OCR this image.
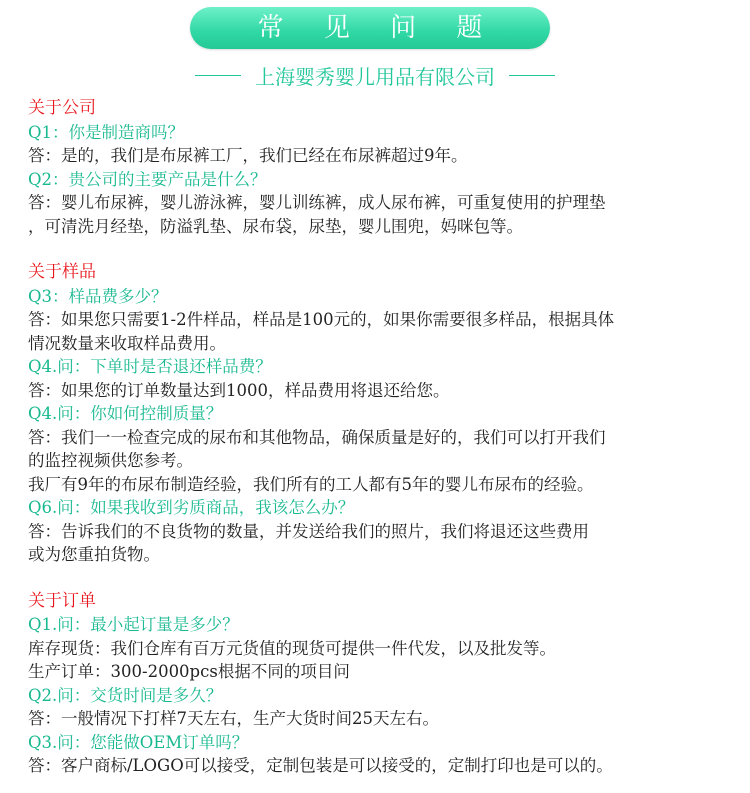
常 见 问 题
上海婴秀婴儿用品有限公司
关于公司
Q1：你是制造商吗？
答：是的，我们是布尿裤工厂，我们已经在布尿裤超过9年。
Q2：贵公司的主要产品是什么？
答：婴儿布尿裤，婴儿游泳裤，婴儿训练裤，成人尿布裤，可重复使用的护理垫
，可清洗月经垫，防溢乳垫、尿布袋，尿垫，婴儿围兜，妈咪包等。
关于样品
Q3：样品费多少？
答：如果您只需要1-2件样品，样品是100元的，如果你需要很多样品，根据具体
情况数量来收取样品费用。
Q4.问：下单时是否退还样品费？
答：如果您的订单数量达到1000，样品费用将退还给您。
Q4.问：你如何控制质量？
答：我们一一检查完成的尿布和其他物品，确保质量是好的，我们可以打开我们
的监控视频供您参考。
我厂有9年的布尿布制造经验，我们所有的工人都有5年的婴儿布尿布的经验。
Q6.问：如果我收到劣质商品，我该怎么办？
答：告诉我们的不良货物的数量，并发送给我们的照片，我们将退还这些费用
或为您重拍货物。
关于订单
Q1.问：最小起订量是多少？
库存现货：我们仓库有百万元货值的现货可提供一件代发，以及批发等。
生产订单：300-2000pcs根据不同的项目问
Q2.问：交货时间是多久？
答：一般情况下打样7天左右，生产大货时间25天左右。
Q3.问：您能做OEM订单吗？
答：客户商标/LOGO可以接受，定制包装是可以接受的，定制打印也是可以的。
